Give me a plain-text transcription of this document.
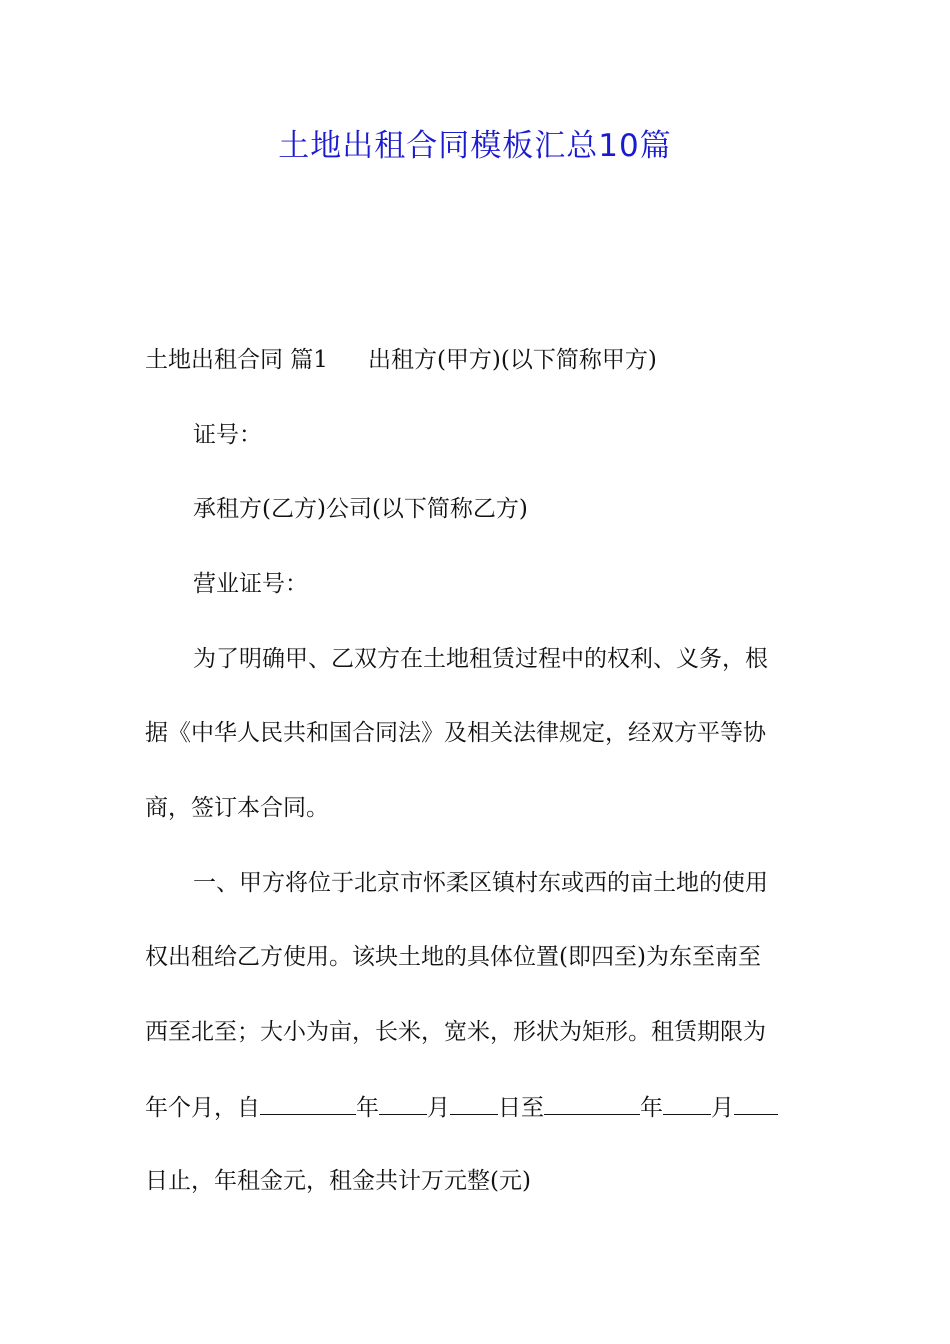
土地出租合同模板汇总10篇
土地出租合同 篇1 出租方(甲方)(以下简称甲方)
证号：
承租方(乙方)公司(以下简称乙方)
营业证号：
为了明确甲、乙双方在土地租赁过程中的权利、义务，根
据《中华人民共和国合同法》及相关法律规定，经双方平等协
商，签订本合同。
一、甲方将位于北京市怀柔区镇村东或西的亩土地的使用
权出租给乙方使用。该块土地的具体位置(即四至)为东至南至
西至北至；大小为亩，长米，宽米，形状为矩形。租赁期限为
年个月，自	年 月 日至	年 月
日止，年租金元，租金共计万元整(元)
